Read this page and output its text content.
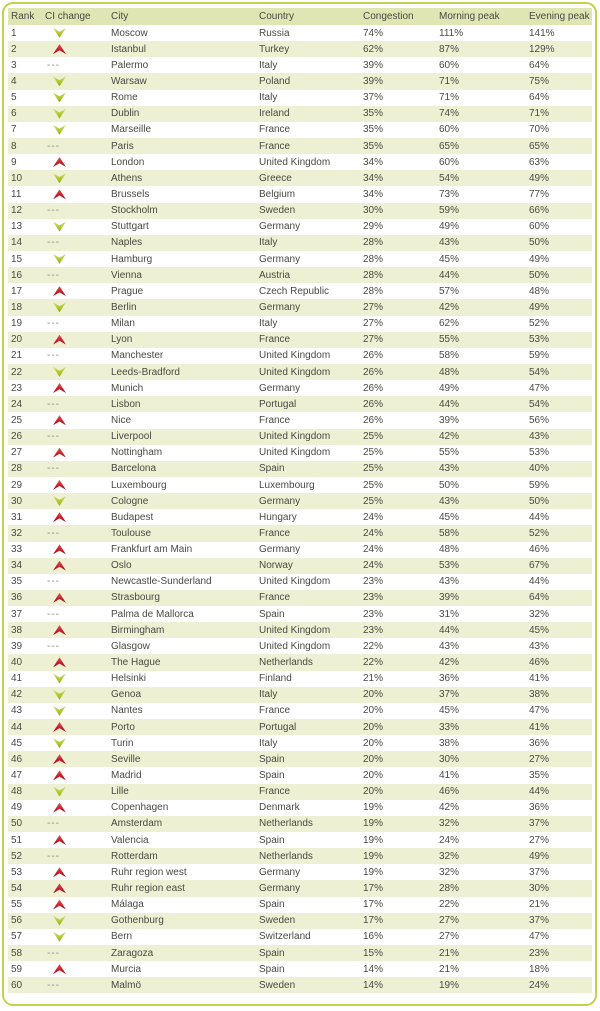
Rank	CI change	City	Country	Congestion	Morning peak	Evening peak
1		Moscow	Russia	74%	111%	141%
2		Istanbul	Turkey	62%	87%	129%
3	---	Palermo	Italy	39%	60%	64%
4		Warsaw	Poland	39%	71%	75%
5		Rome	Italy	37%	71%	64%
6		Dublin	Ireland	35%	74%	71%
7		Marseille	France	35%	60%	70%
8	---	Paris	France	35%	65%	65%
9		London	United Kingdom	34%	60%	63%
10		Athens	Greece	34%	54%	49%
11		Brussels	Belgium	34%	73%	77%
12	---	Stockholm	Sweden	30%	59%	66%
13		Stuttgart	Germany	29%	49%	60%
14	---	Naples	Italy	28%	43%	50%
15		Hamburg	Germany	28%	45%	49%
16	---	Vienna	Austria	28%	44%	50%
17		Prague	Czech Republic	28%	57%	48%
18		Berlin	Germany	27%	42%	49%
19	---	Milan	Italy	27%	62%	52%
20		Lyon	France	27%	55%	53%
21	---	Manchester	United Kingdom	26%	58%	59%
22		Leeds-Bradford	United Kingdom	26%	48%	54%
23		Munich	Germany	26%	49%	47%
24	---	Lisbon	Portugal	26%	44%	54%
25		Nice	France	26%	39%	56%
26	---	Liverpool	United Kingdom	25%	42%	43%
27		Nottingham	United Kingdom	25%	55%	53%
28	---	Barcelona	Spain	25%	43%	40%
29		Luxembourg	Luxembourg	25%	50%	59%
30		Cologne	Germany	25%	43%	50%
31		Budapest	Hungary	24%	45%	44%
32	---	Toulouse	France	24%	58%	52%
33		Frankfurt am Main	Germany	24%	48%	46%
34		Oslo	Norway	24%	53%	67%
35	---	Newcastle-Sunderland	United Kingdom	23%	43%	44%
36		Strasbourg	France	23%	39%	64%
37	---	Palma de Mallorca	Spain	23%	31%	32%
38		Birmingham	United Kingdom	23%	44%	45%
39	---	Glasgow	United Kingdom	22%	43%	43%
40		The Hague	Netherlands	22%	42%	46%
41		Helsinki	Finland	21%	36%	41%
42		Genoa	Italy	20%	37%	38%
43		Nantes	France	20%	45%	47%
44		Porto	Portugal	20%	33%	41%
45		Turin	Italy	20%	38%	36%
46		Seville	Spain	20%	30%	27%
47		Madrid	Spain	20%	41%	35%
48		Lille	France	20%	46%	44%
49		Copenhagen	Denmark	19%	42%	36%
50	---	Amsterdam	Netherlands	19%	32%	37%
51		Valencia	Spain	19%	24%	27%
52	---	Rotterdam	Netherlands	19%	32%	49%
53		Ruhr region west	Germany	19%	32%	37%
54		Ruhr region east	Germany	17%	28%	30%
55		Málaga	Spain	17%	22%	21%
56		Gothenburg	Sweden	17%	27%	37%
57		Bern	Switzerland	16%	27%	47%
58	---	Zaragoza	Spain	15%	21%	23%
59		Murcia	Spain	14%	21%	18%
60	---	Malmö	Sweden	14%	19%	24%
